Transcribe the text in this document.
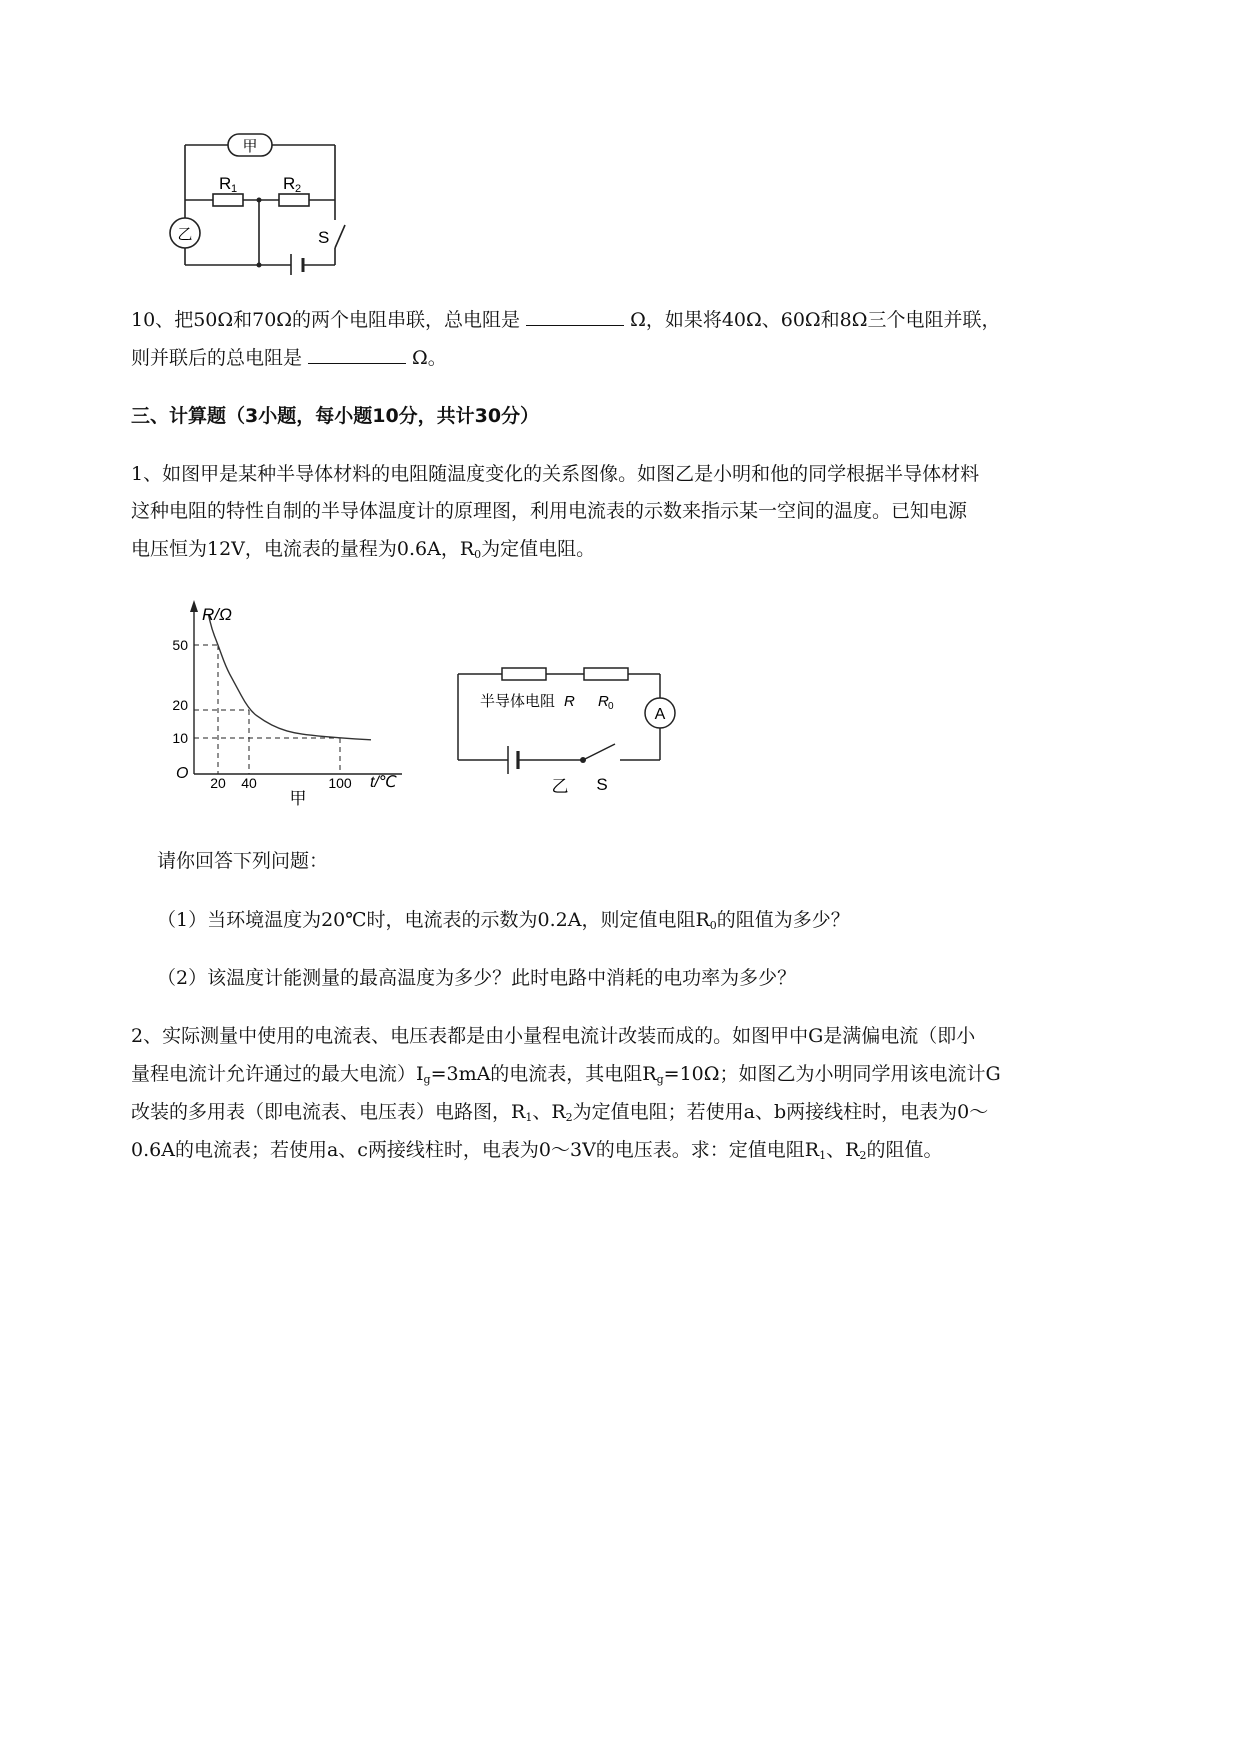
甲
乙
R 1	R 2
S
10、把50Ω和70Ω的两个电阻串联，总电阻是	Ω，如果将40Ω、60Ω和8Ω三个电阻并联，
则并联后的总电阻是	Ω。
三、计算题（3小题，每小题10分，共计30分）
1、如图甲是某种半导体材料的电阻随温度变化的关系图像。如图乙是小明和他的同学根据半导体材料
这种电阻的特性自制的半导体温度计的原理图，利用电流表的示数来指示某一空间的温度。已知电源
电压恒为12V，电流表的量程为0.6A，$R_0$为定值电阻。
R/Ω
O
t/℃
50
20
10
20 40	100
甲
半导体电阻 R R 0	A
乙 S
请你回答下列问题：
（1）当环境温度为20℃时，电流表的示数为0.2A，则定值电阻$R_0$的阻值为多少？
（2）该温度计能测量的最高温度为多少？此时电路中消耗的电功率为多少？
2、实际测量中使用的电流表、电压表都是由小量程电流计改装而成的。如图甲中G是满偏电流（即小
量程电流计允许通过的最大电流）$I_g=3mA$的电流表，其电阻$R_g=10\Omega$；如图乙为小明同学用该电流计G
改装的多用表（即电流表、电压表）电路图，$R_1$、$R_2$为定值电阻；若使用a、b两接线柱时，电表为0～
0.6A的电流表；若使用a、c两接线柱时，电表为0～3V的电压表。求：定值电阻$R_1$、$R_2$的阻值。
